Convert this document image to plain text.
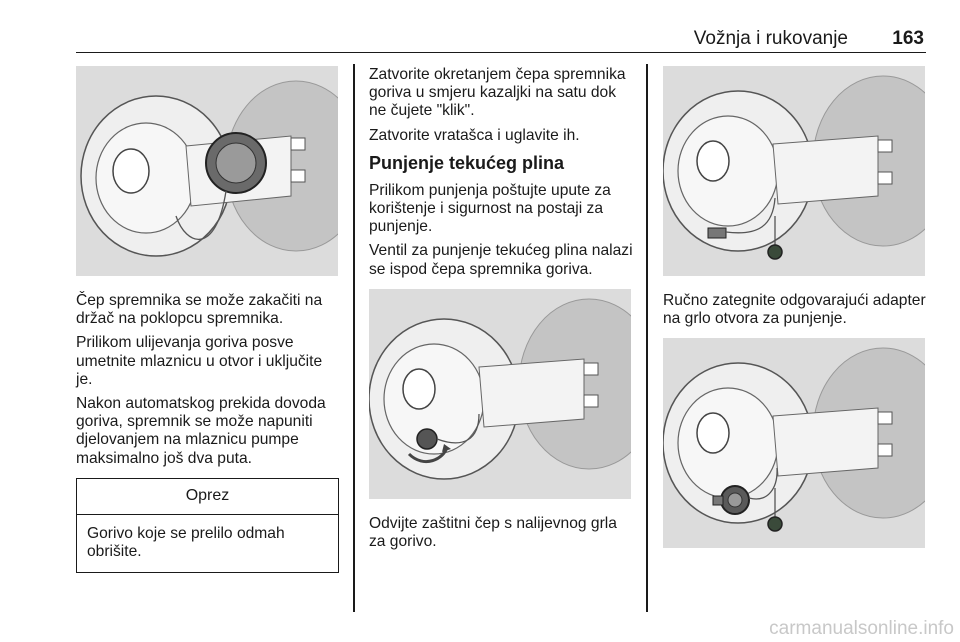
Vožnja i rukovanje 163

Čep spremnika se može zakačiti na držač na poklopcu spremnika.

Prilikom ulijevanja goriva posve umetnite mlaznicu u otvor i uključite je.

Nakon automatskog prekida dovoda goriva, spremnik se može napuniti djelovanjem na mlaznicu pumpe maksimalno još dva puta.

Oprez
Gorivo koje se prelilo odmah obrišite.

Zatvorite okretanjem čepa spremnika goriva u smjeru kazaljki na satu dok ne čujete "klik".

Zatvorite vratašca i uglavite ih.

Punjenje tekućeg plina

Prilikom punjenja poštujte upute za korištenje i sigurnost na postaji za punjenje.

Ventil za punjenje tekućeg plina nalazi se ispod čepa spremnika goriva.

Odvijte zaštitni čep s nalijevnog grla za gorivo.

Ručno zategnite odgovarajući adapter na grlo otvora za punjenje.

carmanualsonline.info
